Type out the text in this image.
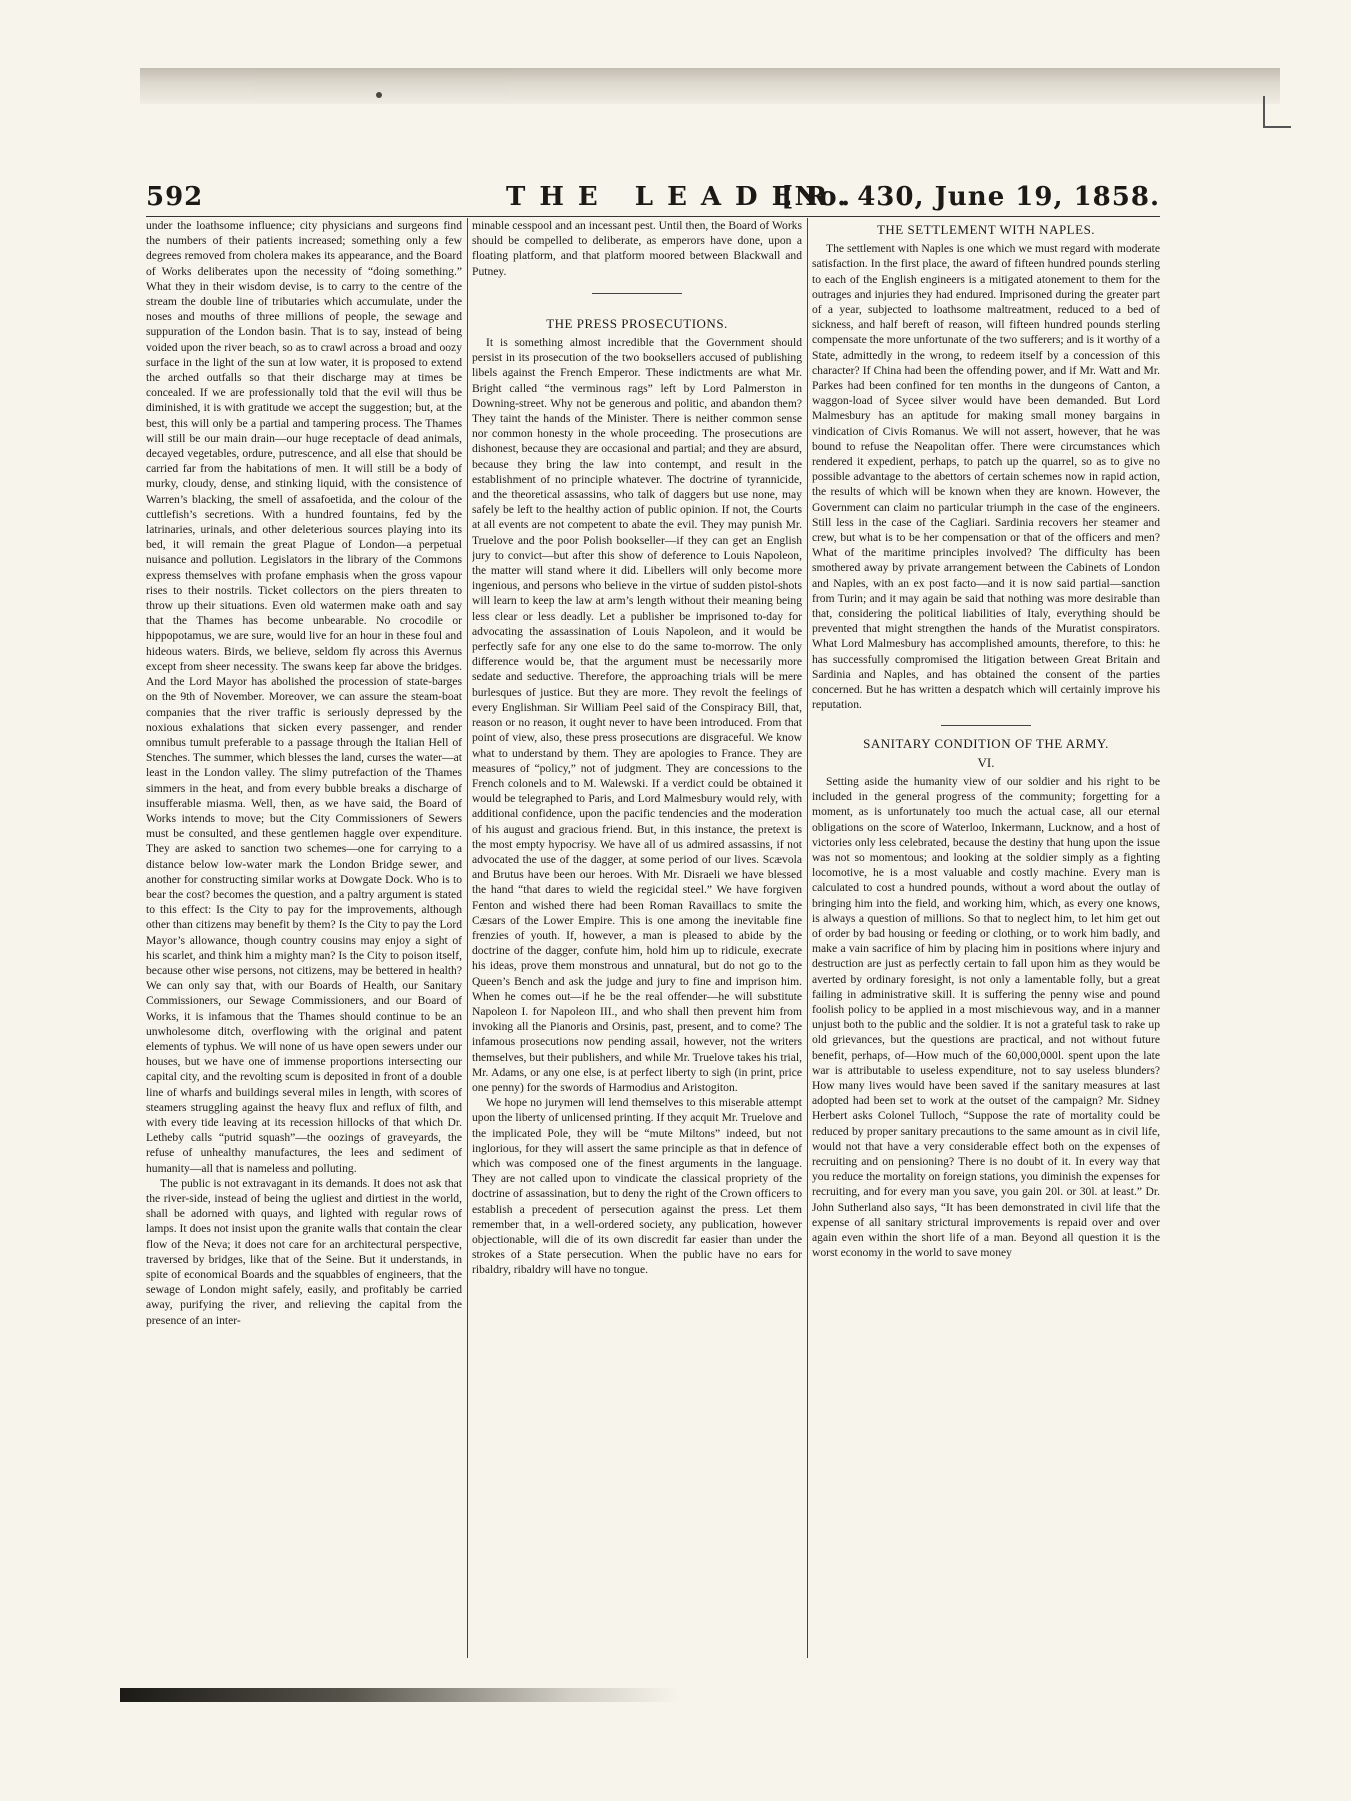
592	THE LEADER.
[No. 430, June 19, 1858.

under the loathsome influence; city physicians and surgeons find the numbers of their patients increased; something only a few degrees removed from cholera makes its appearance, and the Board of Works deliberates upon the necessity of “doing something.” What they in their wisdom devise, is to carry to the centre of the stream the double line of tributaries which accumulate, under the noses and mouths of three millions of people, the sewage and suppuration of the London basin. That is to say, instead of being voided upon the river beach, so as to crawl across a broad and oozy surface in the light of the sun at low water, it is proposed to extend the arched outfalls so that their discharge may at times be concealed. If we are professionally told that the evil will thus be diminished, it is with gratitude we accept the suggestion; but, at the best, this will only be a partial and tampering process. The Thames will still be our main drain—our huge receptacle of dead animals, decayed vegetables, ordure, putrescence, and all else that should be carried far from the habitations of men. It will still be a body of murky, cloudy, dense, and stinking liquid, with the consistence of Warren’s blacking, the smell of assafoetida, and the colour of the cuttlefish’s secretions. With a hundred fountains, fed by the latrinaries, urinals, and other deleterious sources playing into its bed, it will remain the great Plague of London—a perpetual nuisance and pollution. Legislators in the library of the Commons express themselves with profane emphasis when the gross vapour rises to their nostrils. Ticket collectors on the piers threaten to throw up their situations. Even old watermen make oath and say that the Thames has become unbearable. No crocodile or hippopotamus, we are sure, would live for an hour in these foul and hideous waters. Birds, we believe, seldom fly across this Avernus except from sheer necessity. The swans keep far above the bridges. And the Lord Mayor has abolished the procession of state-barges on the 9th of November. Moreover, we can assure the steam-boat companies that the river traffic is seriously depressed by the noxious exhalations that sicken every passenger, and render omnibus tumult preferable to a passage through the Italian Hell of Stenches. The summer, which blesses the land, curses the water—at least in the London valley. The slimy putrefaction of the Thames simmers in the heat, and from every bubble breaks a discharge of insufferable miasma. Well, then, as we have said, the Board of Works intends to move; but the City Commissioners of Sewers must be consulted, and these gentlemen haggle over expenditure. They are asked to sanction two schemes—one for carrying to a distance below low-water mark the London Bridge sewer, and another for constructing similar works at Dowgate Dock. Who is to bear the cost? becomes the question, and a paltry argument is stated to this effect: Is the City to pay for the improvements, although other than citizens may benefit by them? Is the City to pay the Lord Mayor’s allowance, though country cousins may enjoy a sight of his scarlet, and think him a mighty man? Is the City to poison itself, because other wise persons, not citizens, may be bettered in health? We can only say that, with our Boards of Health, our Sanitary Commissioners, our Sewage Commissioners, and our Board of Works, it is infamous that the Thames should continue to be an unwholesome ditch, overflowing with the original and patent elements of typhus. We will none of us have open sewers under our houses, but we have one of immense proportions intersecting our capital city, and the revolting scum is deposited in front of a double line of wharfs and buildings several miles in length, with scores of steamers struggling against the heavy flux and reflux of filth, and with every tide leaving at its recession hillocks of that which Dr. Letheby calls “putrid squash”—the oozings of graveyards, the refuse of unhealthy manufactures, the lees and sediment of humanity—all that is nameless and polluting.

The public is not extravagant in its demands. It does not ask that the river-side, instead of being the ugliest and dirtiest in the world, shall be adorned with quays, and lighted with regular rows of lamps. It does not insist upon the granite walls that contain the clear flow of the Neva; it does not care for an architectural perspective, traversed by bridges, like that of the Seine. But it understands, in spite of economical Boards and the squabbles of engineers, that the sewage of London might safely, easily, and profitably be carried away, purifying the river, and relieving the capital from the presence of an inter-

minable cesspool and an incessant pest. Until then, the Board of Works should be compelled to deliberate, as emperors have done, upon a floating platform, and that platform moored between Blackwall and Putney.

THE PRESS PROSECUTIONS.

It is something almost incredible that the Government should persist in its prosecution of the two booksellers accused of publishing libels against the French Emperor. These indictments are what Mr. Bright called “the verminous rags” left by Lord Palmerston in Downing-street. Why not be generous and politic, and abandon them? They taint the hands of the Minister. There is neither common sense nor common honesty in the whole proceeding. The prosecutions are dishonest, because they are occasional and partial; and they are absurd, because they bring the law into contempt, and result in the establishment of no principle whatever. The doctrine of tyrannicide, and the theoretical assassins, who talk of daggers but use none, may safely be left to the healthy action of public opinion. If not, the Courts at all events are not competent to abate the evil. They may punish Mr. Truelove and the poor Polish bookseller—if they can get an English jury to convict—but after this show of deference to Louis Napoleon, the matter will stand where it did. Libellers will only become more ingenious, and persons who believe in the virtue of sudden pistol-shots will learn to keep the law at arm’s length without their meaning being less clear or less deadly. Let a publisher be imprisoned to-day for advocating the assassination of Louis Napoleon, and it would be perfectly safe for any one else to do the same to-morrow. The only difference would be, that the argument must be necessarily more sedate and seductive. Therefore, the approaching trials will be mere burlesques of justice. But they are more. They revolt the feelings of every Englishman. Sir William Peel said of the Conspiracy Bill, that, reason or no reason, it ought never to have been introduced. From that point of view, also, these press prosecutions are disgraceful. We know what to understand by them. They are apologies to France. They are measures of “policy,” not of judgment. They are concessions to the French colonels and to M. Walewski. If a verdict could be obtained it would be telegraphed to Paris, and Lord Malmesbury would rely, with additional confidence, upon the pacific tendencies and the moderation of his august and gracious friend. But, in this instance, the pretext is the most empty hypocrisy. We have all of us admired assassins, if not advocated the use of the dagger, at some period of our lives. Scævola and Brutus have been our heroes. With Mr. Disraeli we have blessed the hand “that dares to wield the regicidal steel.” We have forgiven Fenton and wished there had been Roman Ravaillacs to smite the Cæsars of the Lower Empire. This is one among the inevitable fine frenzies of youth. If, however, a man is pleased to abide by the doctrine of the dagger, confute him, hold him up to ridicule, execrate his ideas, prove them monstrous and unnatural, but do not go to the Queen’s Bench and ask the judge and jury to fine and imprison him. When he comes out—if he be the real offender—he will substitute Napoleon I. for Napoleon III., and who shall then prevent him from invoking all the Pianoris and Orsinis, past, present, and to come? The infamous prosecutions now pending assail, however, not the writers themselves, but their publishers, and while Mr. Truelove takes his trial, Mr. Adams, or any one else, is at perfect liberty to sigh (in print, price one penny) for the swords of Harmodius and Aristogiton.

We hope no jurymen will lend themselves to this miserable attempt upon the liberty of unlicensed printing. If they acquit Mr. Truelove and the implicated Pole, they will be “mute Miltons” indeed, but not inglorious, for they will assert the same principle as that in defence of which was composed one of the finest arguments in the language. They are not called upon to vindicate the classical propriety of the doctrine of assassination, but to deny the right of the Crown officers to establish a precedent of persecution against the press. Let them remember that, in a well-ordered society, any publication, however objectionable, will die of its own discredit far easier than under the strokes of a State persecution. When the public have no ears for ribaldry, ribaldry will have no tongue.

THE SETTLEMENT WITH NAPLES.

The settlement with Naples is one which we must regard with moderate satisfaction. In the first place, the award of fifteen hundred pounds sterling to each of the English engineers is a mitigated atonement to them for the outrages and injuries they had endured. Imprisoned during the greater part of a year, subjected to loathsome maltreatment, reduced to a bed of sickness, and half bereft of reason, will fifteen hundred pounds sterling compensate the more unfortunate of the two sufferers; and is it worthy of a State, admittedly in the wrong, to redeem itself by a concession of this character? If China had been the offending power, and if Mr. Watt and Mr. Parkes had been confined for ten months in the dungeons of Canton, a waggon-load of Sycee silver would have been demanded. But Lord Malmesbury has an aptitude for making small money bargains in vindication of Civis Romanus. We will not assert, however, that he was bound to refuse the Neapolitan offer. There were circumstances which rendered it expedient, perhaps, to patch up the quarrel, so as to give no possible advantage to the abettors of certain schemes now in rapid action, the results of which will be known when they are known. However, the Government can claim no particular triumph in the case of the engineers. Still less in the case of the Cagliari. Sardinia recovers her steamer and crew, but what is to be her compensation or that of the officers and men? What of the maritime principles involved? The difficulty has been smothered away by private arrangement between the Cabinets of London and Naples, with an ex post facto—and it is now said partial—sanction from Turin; and it may again be said that nothing was more desirable than that, considering the political liabilities of Italy, everything should be prevented that might strengthen the hands of the Muratist conspirators. What Lord Malmesbury has accomplished amounts, therefore, to this: he has successfully compromised the litigation between Great Britain and Sardinia and Naples, and has obtained the consent of the parties concerned. But he has written a despatch which will certainly improve his reputation.

SANITARY CONDITION OF THE ARMY.
VI.

Setting aside the humanity view of our soldier and his right to be included in the general progress of the community; forgetting for a moment, as is unfortunately too much the actual case, all our eternal obligations on the score of Waterloo, Inkermann, Lucknow, and a host of victories only less celebrated, because the destiny that hung upon the issue was not so momentous; and looking at the soldier simply as a fighting locomotive, he is a most valuable and costly machine. Every man is calculated to cost a hundred pounds, without a word about the outlay of bringing him into the field, and working him, which, as every one knows, is always a question of millions. So that to neglect him, to let him get out of order by bad housing or feeding or clothing, or to work him badly, and make a vain sacrifice of him by placing him in positions where injury and destruction are just as perfectly certain to fall upon him as they would be averted by ordinary foresight, is not only a lamentable folly, but a great failing in administrative skill. It is suffering the penny wise and pound foolish policy to be applied in a most mischievous way, and in a manner unjust both to the public and the soldier. It is not a grateful task to rake up old grievances, but the questions are practical, and not without future benefit, perhaps, of—How much of the 60,000,000l. spent upon the late war is attributable to useless expenditure, not to say useless blunders? How many lives would have been saved if the sanitary measures at last adopted had been set to work at the outset of the campaign? Mr. Sidney Herbert asks Colonel Tulloch, “Suppose the rate of mortality could be reduced by proper sanitary precautions to the same amount as in civil life, would not that have a very considerable effect both on the expenses of recruiting and on pensioning? There is no doubt of it. In every way that you reduce the mortality on foreign stations, you diminish the expenses for recruiting, and for every man you save, you gain 20l. or 30l. at least.” Dr. John Sutherland also says, “It has been demonstrated in civil life that the expense of all sanitary strictural improvements is repaid over and over again even within the short life of a man. Beyond all question it is the worst economy in the world to save money
